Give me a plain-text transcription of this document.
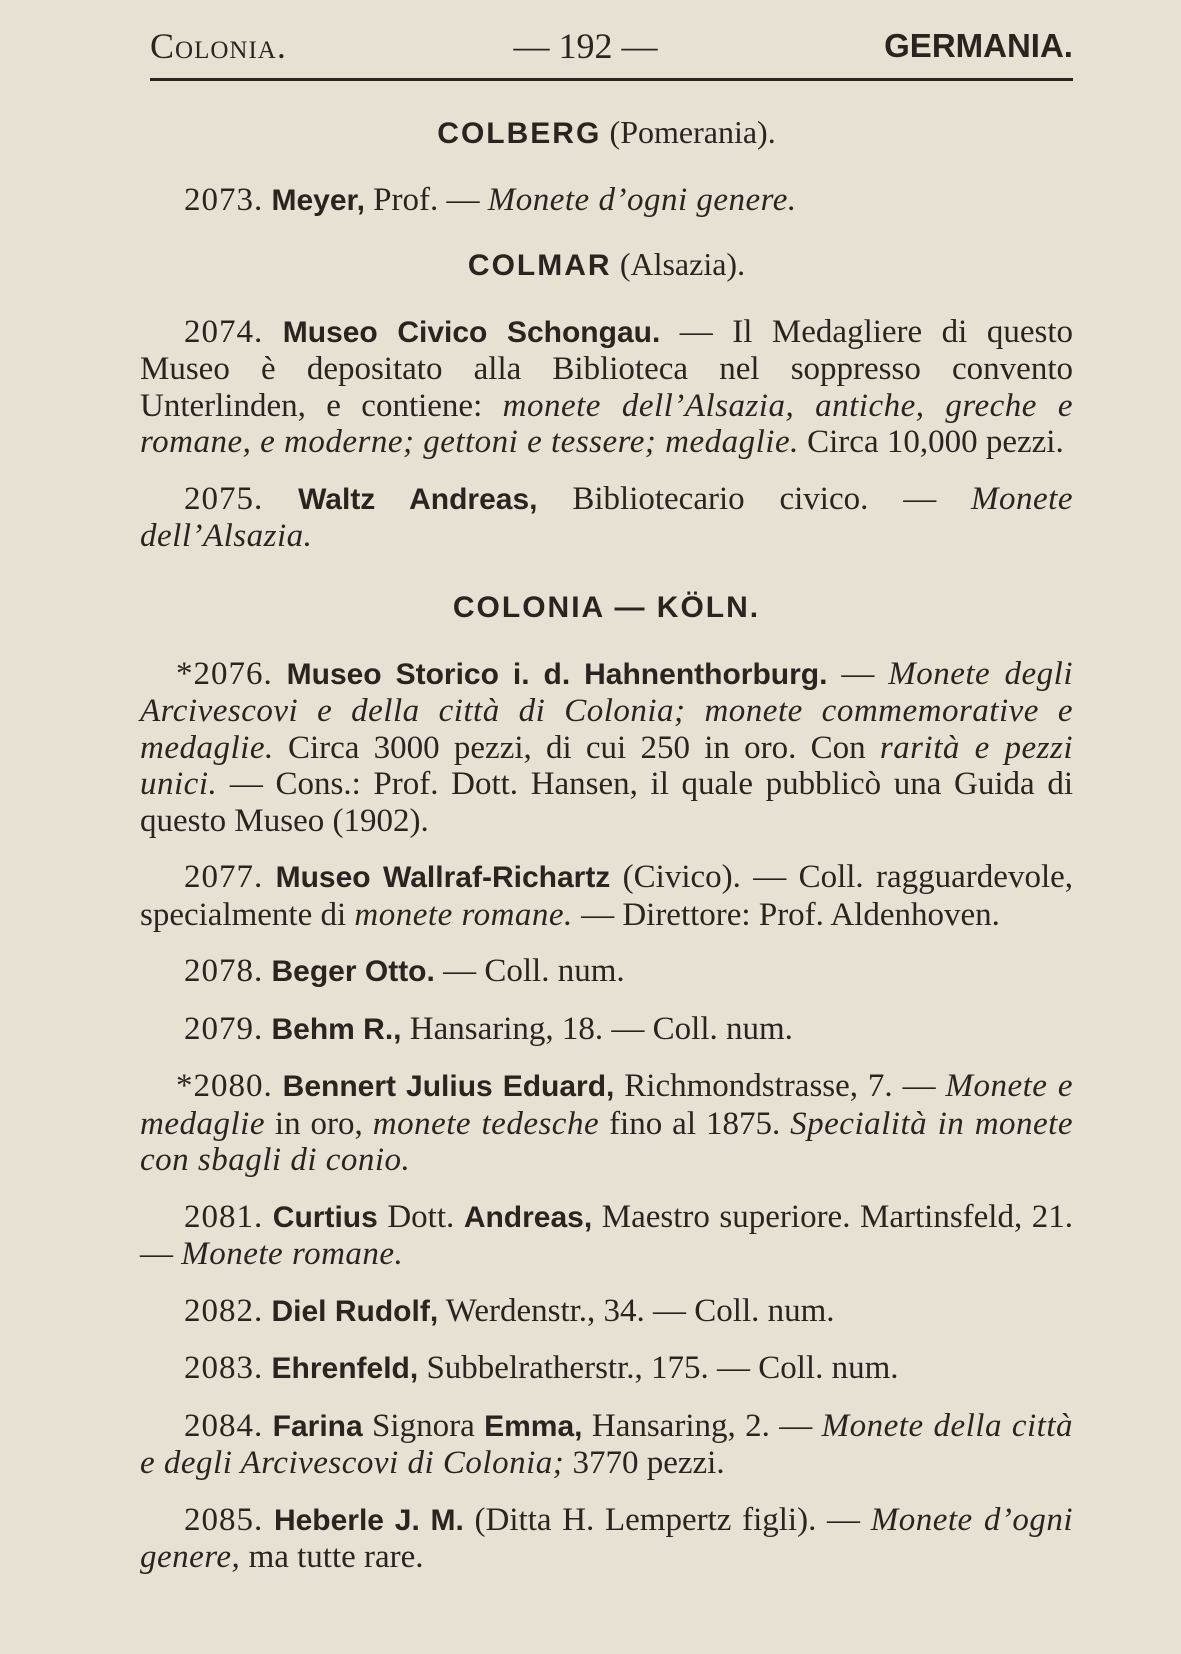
Colonia.	— 192 —	GERMANIA.
COLBERG (Pomerania).

2073. Meyer, Prof. — Monete d’ogni genere.

COLMAR (Alsazia).

2074. Museo Civico Schongau. — Il Medagliere di questo Museo è depositato alla Biblioteca nel soppresso convento Unterlinden, e contiene: monete dell’Alsazia, antiche, greche e romane, e moderne; gettoni e tessere; medaglie. Circa 10,000 pezzi.

2075. Waltz Andreas, Bibliotecario civico. — Monete dell’Alsazia.

COLONIA — KÖLN.

*2076. Museo Storico i. d. Hahnenthorburg. — Monete degli Arcivescovi e della città di Colonia; monete commemorative e medaglie. Circa 3000 pezzi, di cui 250 in oro. Con rarità e pezzi unici. — Cons.: Prof. Dott. Hansen, il quale pubblicò una Guida di questo Museo (1902).

2077. Museo Wallraf-Richartz (Civico). — Coll. ragguardevole, specialmente di monete romane. — Direttore: Prof. Aldenhoven.

2078. Beger Otto. — Coll. num.

2079. Behm R., Hansaring, 18. — Coll. num.

*2080. Bennert Julius Eduard, Richmondstrasse, 7. — Monete e medaglie in oro, monete tedesche fino al 1875. Specialità in monete con sbagli di conio.

2081. Curtius Dott. Andreas, Maestro superiore. Martinsfeld, 21. — Monete romane.

2082. Diel Rudolf, Werdenstr., 34. — Coll. num.

2083. Ehrenfeld, Subbelratherstr., 175. — Coll. num.

2084. Farina Signora Emma, Hansaring, 2. — Monete della città e degli Arcivescovi di Colonia; 3770 pezzi.

2085. Heberle J. M. (Ditta H. Lempertz figli). — Monete d’ogni genere, ma tutte rare.
